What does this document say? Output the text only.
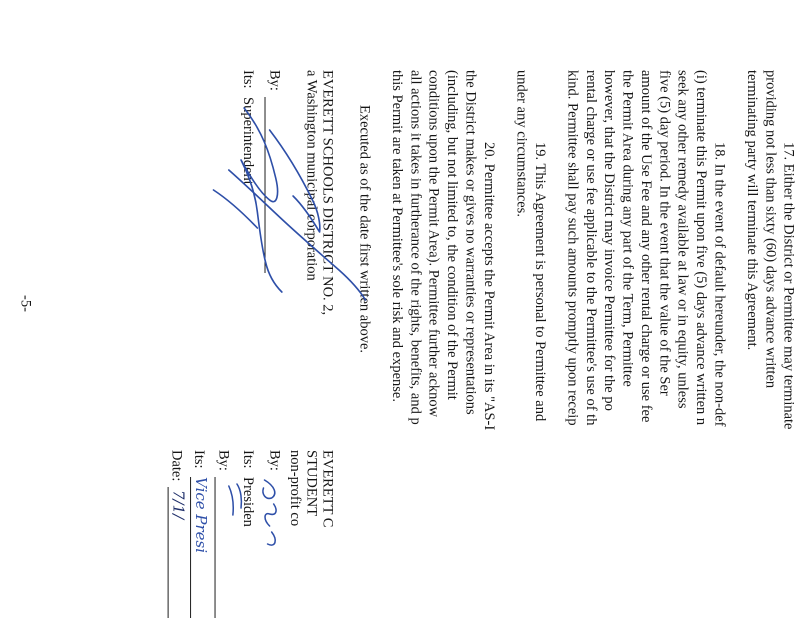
17. Either the District or Permittee may terminate
providing not less than sixty (60) days advance written
terminating party will terminate this Agreement.
18. In the event of default hereunder, the non-def
(i) terminate this Permit upon five (5) days advance written n
seek any other remedy available at law or in equity, unless
five (5) day period. In the event that the value of the Ser
amount of the Use Fee and any other rental charge or use fee
the Permit Area during any part of the Term, Permittee
however, that the District may invoice Permittee for the po
rental charge or use fee applicable to the Permittee's use of th
kind. Permittee shall pay such amounts promptly upon receip
19. This Agreement is personal to Permittee and
under any circumstances.
20. Permittee accepts the Permit Area in its "AS-I
the District makes or gives no warranties or representations
(including, but not limited to, the condition of the Permit
conditions upon the Permit Area). Permittee further acknow
all actions it takes in furtherance of the rights, benefits, and p
this Permit are taken at Permittee's sole risk and expense.
Executed as of the date first written above.
EVERETT SCHOOLS DISTRICT NO. 2,
a Washington municipal corporation
By:
Its:
Superintendent
EVERETT C
STUDENT
non-profit co
By:
Its:
Presiden
By:
Its:
Vice Presi
Date:
7/1/
-5-
